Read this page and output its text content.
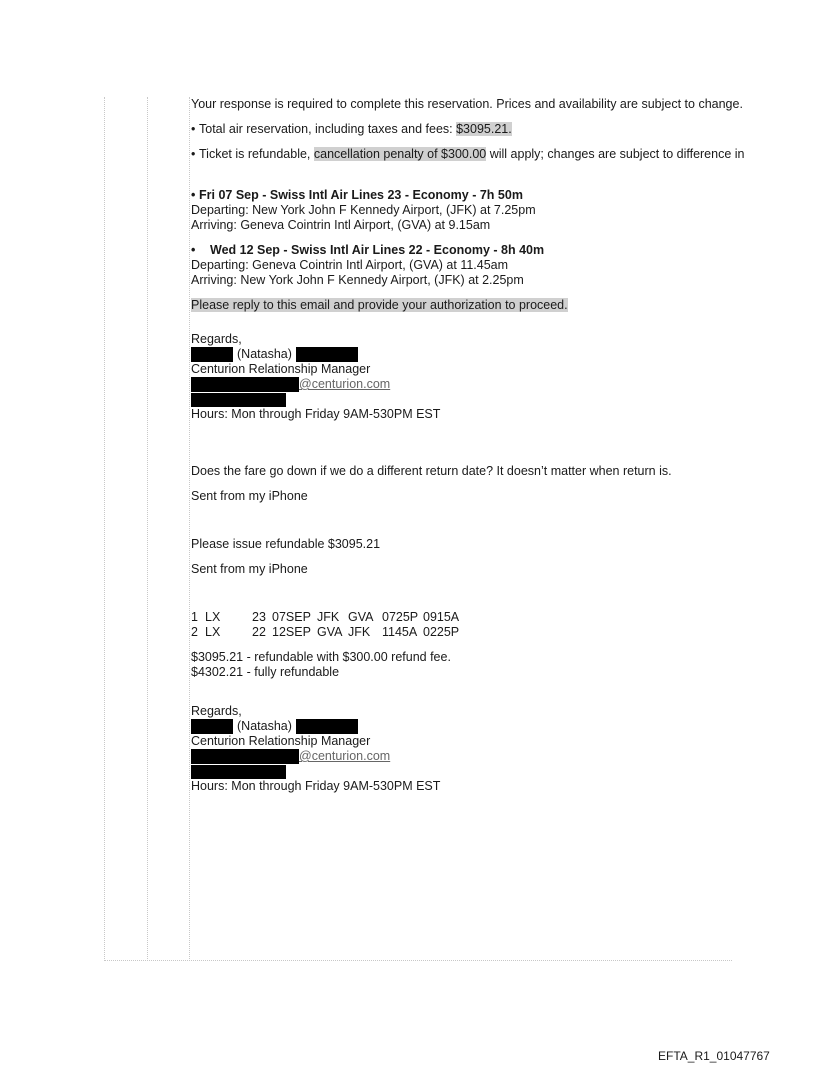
Your response is required to complete this reservation. Prices and availability are subject to change.
• Total air reservation, including taxes and fees: $3095.21.
• Ticket is refundable, cancellation penalty of $300.00 will apply; changes are subject to difference in
• Fri 07 Sep - Swiss Intl Air Lines 23 - Economy - 7h 50m
Departing: New York John F Kennedy Airport, (JFK) at 7.25pm
Arriving: Geneva Cointrin Intl Airport, (GVA) at 9.15am
• Wed 12 Sep - Swiss Intl Air Lines 22 - Economy - 8h 40m
Departing: Geneva Cointrin Intl Airport, (GVA) at 11.45am
Arriving: New York John F Kennedy Airport, (JFK) at 2.25pm
Please reply to this email and provide your authorization to proceed.
Regards,
(Natasha)
Centurion Relationship Manager
@centurion.com
Hours: Mon through Friday 9AM-530PM EST
Does the fare go down if we do a different return date? It doesn’t matter when return is.
Sent from my iPhone
Please issue refundable $3095.21
Sent from my iPhone
1 LX	23 07SEP JFK GVA 0725P 0915A
2 LX	22 12SEP GVA JFK 1145A 0225P
$3095.21 - refundable with $300.00 refund fee.
$4302.21 - fully refundable
Regards,
(Natasha)
Centurion Relationship Manager
@centurion.com
Hours: Mon through Friday 9AM-530PM EST
EFTA_R1_01047767
